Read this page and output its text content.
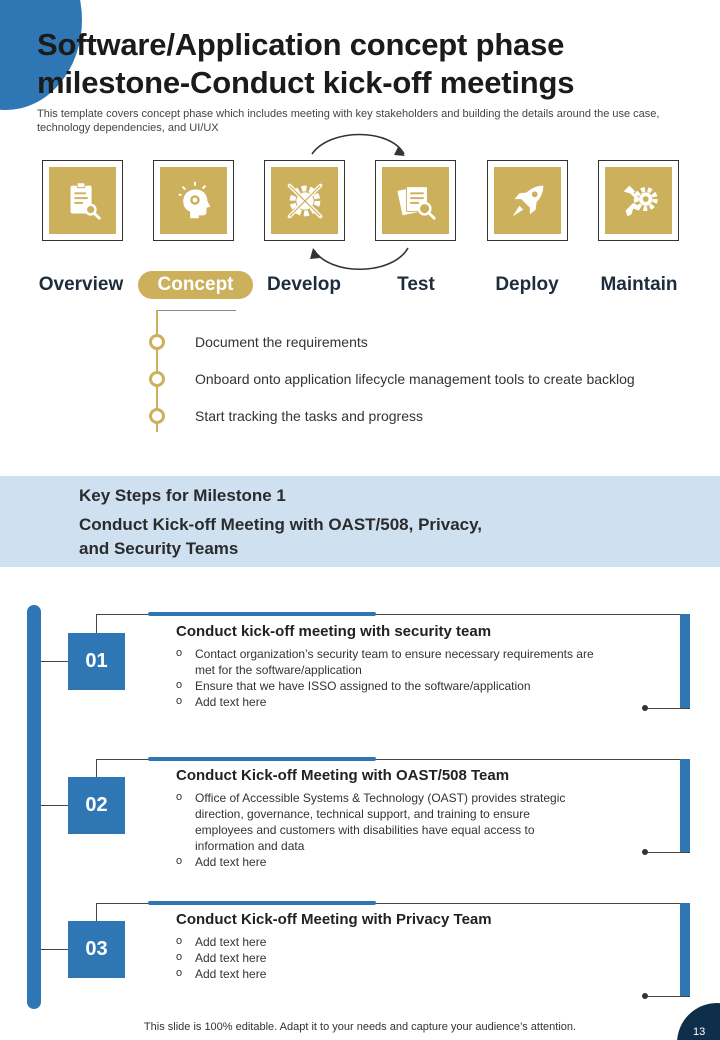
Software/Application concept phase milestone-Conduct kick-off meetings

This template covers concept phase which includes meeting with key stakeholders and building the details around the use case, technology dependencies, and UI/UX

Overview	Concept	Develop	Test	Deploy	Maintain
Document the requirements
Onboard onto application lifecycle management tools to create backlog
Start tracking the tasks and progress
Key Steps for Milestone 1
Conduct Kick-off Meeting with OAST/508, Privacy,
and Security Teams
01
Conduct kick-off meeting with security team
o Contact organization’s security team to ensure necessary requirements are met for the software/application
o Ensure that we have ISSO assigned to the software/application
o Add text here
02
Conduct Kick-off Meeting with OAST/508 Team
o Office of Accessible Systems & Technology (OAST) provides strategic direction, governance, technical support, and training to ensure employees and customers with disabilities have equal access to information and data
o Add text here
03
Conduct Kick-off Meeting with Privacy Team
o Add text here
o Add text here
o Add text here
This slide is 100% editable. Adapt it to your needs and capture your audience’s attention.	13
